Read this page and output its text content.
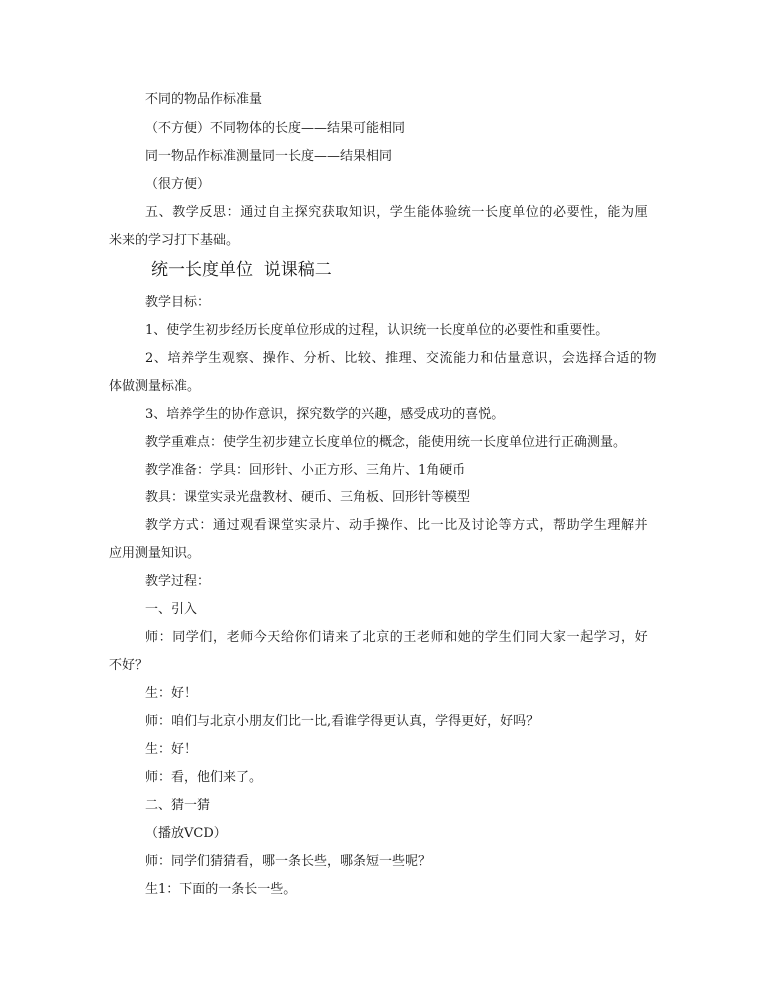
不同的物品作标准量
（不方便）不同物体的长度——结果可能相同
同一物品作标准测量同一长度——结果相同
（很方便）
五、教学反思：通过自主探究获取知识，学生能体验统一长度单位的必要性，能为厘
米来的学习打下基础。
统一长度单位  说课稿二
教学目标：
1、使学生初步经历长度单位形成的过程，认识统一长度单位的必要性和重要性。
2、培养学生观察、操作、分析、比较、推理、交流能力和估量意识，会选择合适的物
体做测量标准。
3、培养学生的协作意识，探究数学的兴趣，感受成功的喜悦。
教学重难点：使学生初步建立长度单位的概念，能使用统一长度单位进行正确测量。
教学准备：学具：回形针、小正方形、三角片、1角硬币
教具：课堂实录光盘教材、硬币、三角板、回形针等模型
教学方式：通过观看课堂实录片、动手操作、比一比及讨论等方式，帮助学生理解并
应用测量知识。
教学过程：
一、引入
师：同学们，老师今天给你们请来了北京的王老师和她的学生们同大家一起学习，好
不好？
生：好！
师：咱们与北京小朋友们比一比,看谁学得更认真，学得更好，好吗？
生：好！
师：看，他们来了。
二、猜一猜
（播放VCD）
师：同学们猜猜看，哪一条长些，哪条短一些呢？
生1：下面的一条长一些。
